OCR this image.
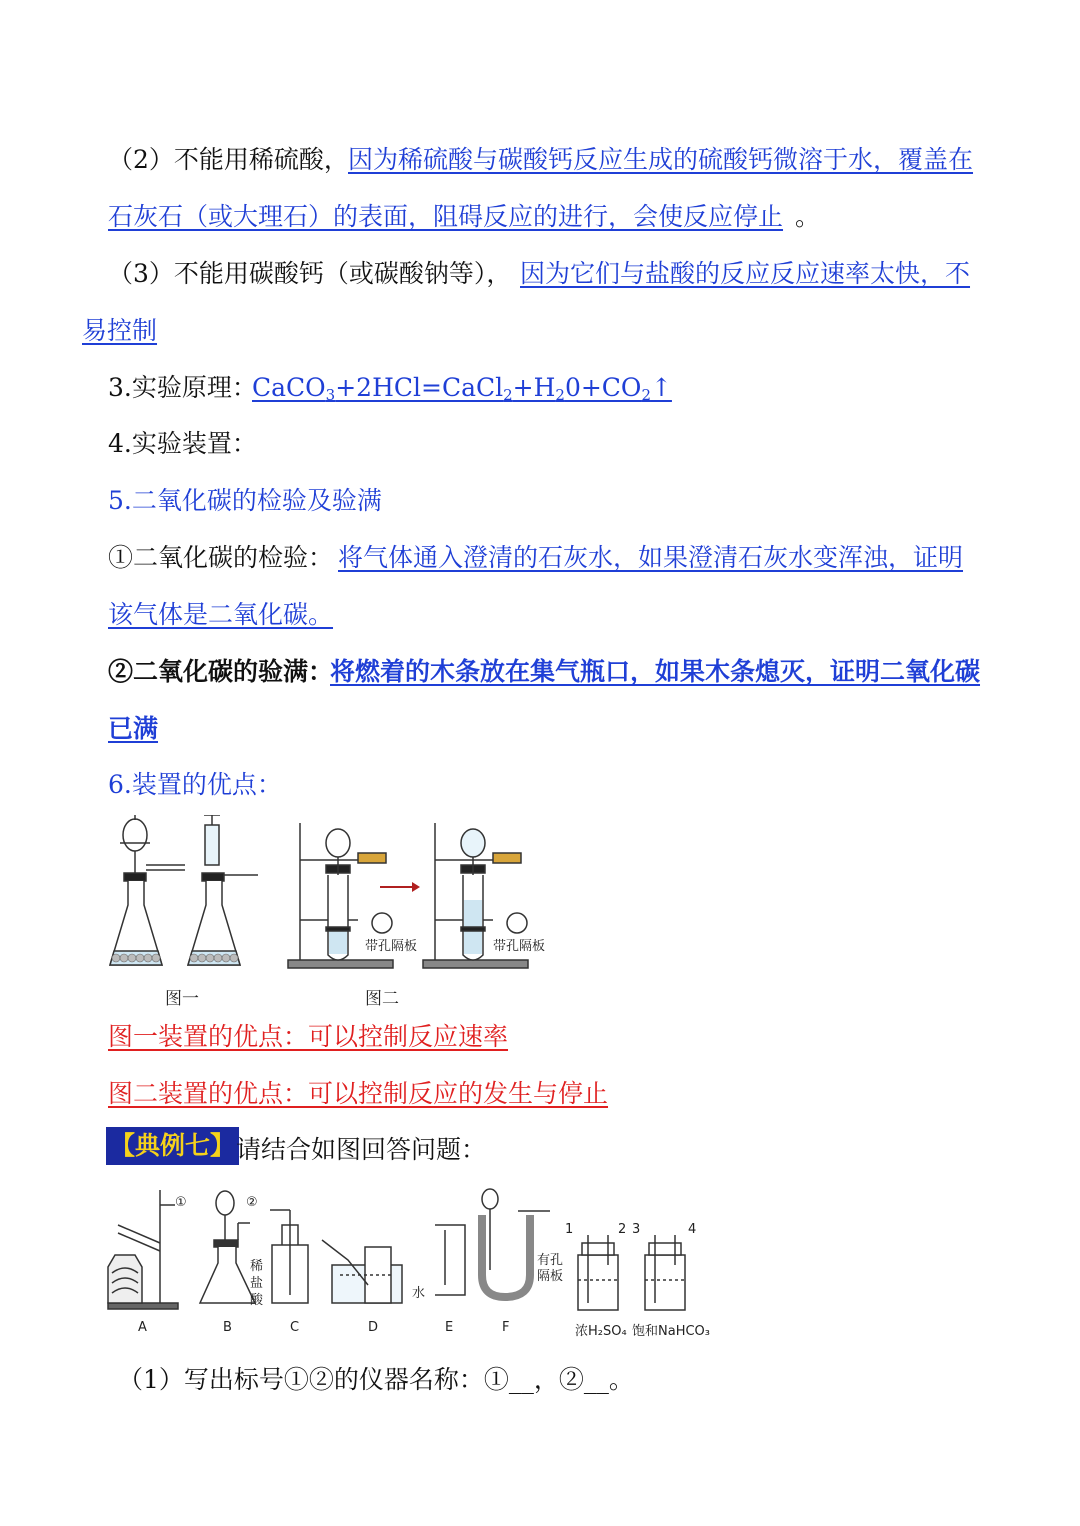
（2）不能用稀硫酸， 因为稀硫酸与碳酸钙反应生成的硫酸钙微溶于水，覆盖在
石灰石（或大理石）的表面，阻碍反应的进行，会使反应停止 。
（3）不能用碳酸钙（或碳酸钠等）， 因为它们与盐酸的反应反应速率太快，不
易控制
3.实验原理：
$CaCO_3+2HCl=CaCl_2+H_20+CO_2↑$
4.实验装置：
5.二氧化碳的检验及验满
①二氧化碳的检验： 将气体通入澄清的石灰水，如果澄清石灰水变浑浊，证明
该气体是二氧化碳。
②二氧化碳的验满：
将燃着的木条放在集气瓶口，如果木条熄灭，证明二氧化碳
已满
6.装置的优点：
带孔隔板	带孔隔板
图一	图二
图一装置的优点：可以控制反应速率
图二装置的优点：可以控制反应的发生与停止
【典例七】 请结合如图回答问题：
①	②
稀
盐
酸	水
有孔
隔板
1	2 3	4
A	B	C	D	E	F	浓H₂SO₄ 饱和NaHCO₃
（1）写出标号①②的仪器名称：①__，②__。
